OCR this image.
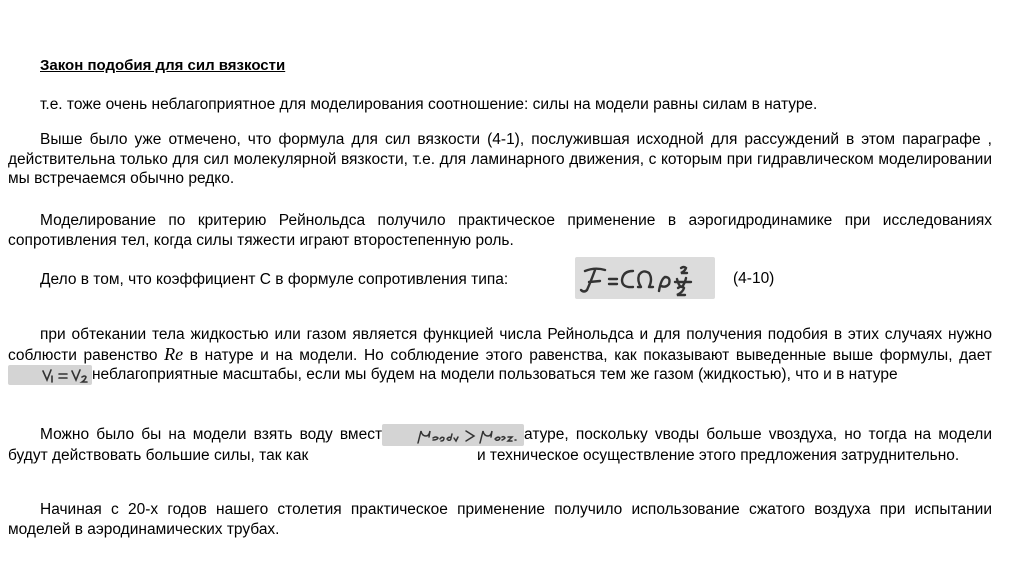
Закон подобия для сил вязкости
т.е. тоже очень неблагоприятное для моделирования соотношение: силы на модели равны силам в натуре.
Выше было уже отмечено, что формула для сил вязкости (4-1), послужившая исходной для рассуждений в этом параграфе , действительна только для сил молекулярной вязкости, т.е. для ламинарного движения, с которым при гидравлическом моделировании мы встречаемся обычно редко.
Моделирование по критерию Рейнольдса получило практическое применение в аэрогидродинамике при исследованиях сопротивления тел, когда силы тяжести играют второстепенную роль.
Дело в том, что коэффициент С в формуле сопротивления типа:	(4-10)
при обтекании тела жидкостью или газом является функцией числа Рейнольдса и для получения подобия в этих случаях нужно соблюсти равенство Re в натуре и на модели. Но соблюдение этого равенства, как показывают выведенные выше формулы, дает неблагоприятные масштабы, если мы будем на модели пользоваться тем же газом (жидкостью), что и в натуре
Можно было бы на модели взять воду вмест	атуре, поскольку vводы больше vвоздуха, но тогда на модели будут действовать большие силы, так как	и техническое осуществление этого предложения затруднительно.
Начиная с 20-х годов нашего столетия практическое применение получило использование сжатого воздуха при испытании моделей в аэродинамических трубах.
